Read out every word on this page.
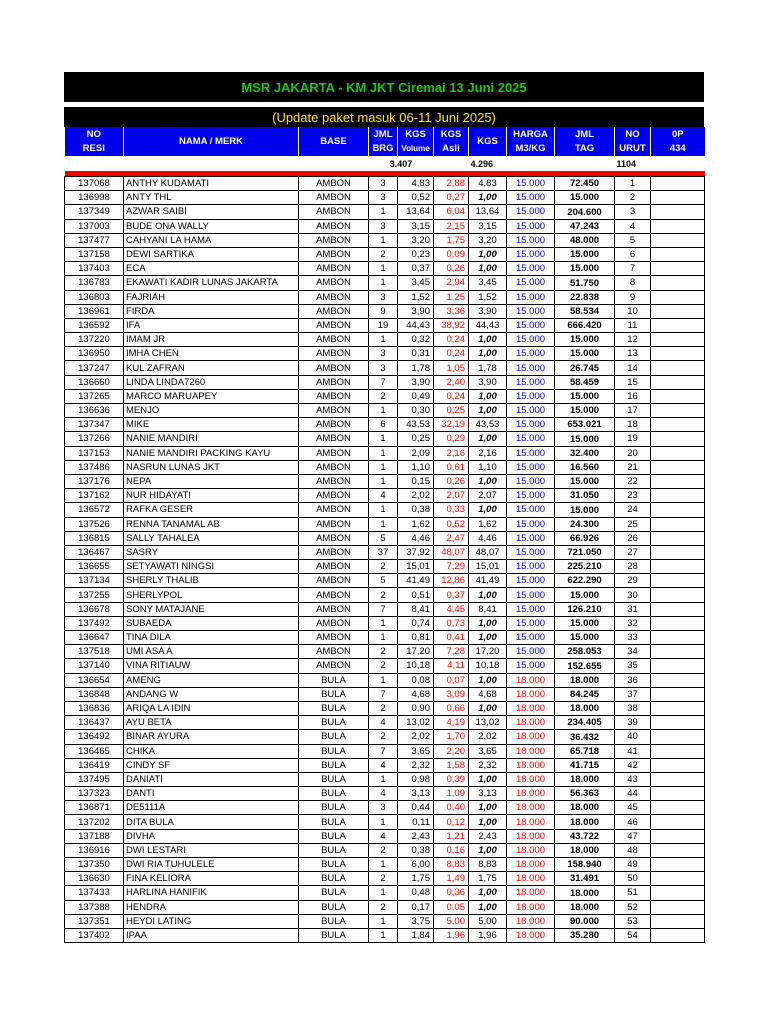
MSR JAKARTA - KM JKT Ciremai 13 Juni 2025
(Update paket masuk 06-11 Juni 2025)
NO	NAMA / MERK	BASE	JML	KGS	KGS	KGS	HARGA	JML	NO	0P
RESI			BRG	Volume	Asli		M3/KG	TAG	URUT	434
			3.407			4.296			1104	

137068	ANTHY KUDAMATI	AMBON	3	4,83	2,88	4,83	15.000	72.450	1	
136998	ANTY THL	AMBON	3	0,52	0,27	1,00	15.000	15.000	2	
137349	AZWAR SAIBI	AMBON	1	13,64	6,04	13,64	15.000	204.600	3	
137003	BUDE ONA WALLY	AMBON	3	3,15	2,15	3,15	15.000	47.243	4	
137477	CAHYANI LA HAMA	AMBON	1	3,20	1,75	3,20	15.000	48.000	5	
137158	DEWI SARTIKA	AMBON	2	0,23	0,09	1,00	15.000	15.000	6	
137403	ECA	AMBON	1	0,37	0,26	1,00	15.000	15.000	7	
136783	EKAWATI KADIR LUNAS JAKARTA	AMBON	1	3,45	2,94	3,45	15.000	51.750	8	
136803	FAJRIAH	AMBON	3	1,52	1,25	1,52	15.000	22.838	9	
136961	FIRDA	AMBON	9	3,90	3,36	3,90	15.000	58.534	10	
136592	IFA	AMBON	19	44,43	38,92	44,43	15.000	666.420	11	
137220	IMAM JR	AMBON	1	0,32	0,24	1,00	15.000	15.000	12	
136950	IMHA CHEN	AMBON	3	0,31	0,24	1,00	15.000	15.000	13	
137247	KUL ZAFRAN	AMBON	3	1,78	1,05	1,78	15.000	26.745	14	
136660	LINDA LINDA7260	AMBON	7	3,90	2,40	3,90	15.000	58.459	15	
137265	MARCO MARUAPEY	AMBON	2	0,49	0,24	1,00	15.000	15.000	16	
136636	MENJO	AMBON	1	0,30	0,25	1,00	15.000	15.000	17	
137347	MIKE	AMBON	6	43,53	32,19	43,53	15.000	653.021	18	
137266	NANIE MANDIRI	AMBON	1	0,25	0,29	1,00	15.000	15.000	19	
137153	NANIE MANDIRI PACKING KAYU	AMBON	1	2,09	2,16	2,16	15.000	32.400	20	
137486	NASRUN LUNAS JKT	AMBON	1	1,10	0,61	1,10	15.000	16.560	21	
137176	NEPA	AMBON	1	0,15	0,26	1,00	15.000	15.000	22	
137162	NUR HIDAYATI	AMBON	4	2,02	2,07	2,07	15.000	31.050	23	
136572	RAFKA GESER	AMBON	1	0,38	0,33	1,00	15.000	15.000	24	
137526	RENNA TANAMAL AB	AMBON	1	1,62	0,52	1,62	15.000	24.300	25	
136815	SALLY TAHALEA	AMBON	5	4,46	2,47	4,46	15.000	66.926	26	
136467	SASRY	AMBON	37	37,92	48,07	48,07	15.000	721.050	27	
136655	SETYAWATI NINGSI	AMBON	2	15,01	7,29	15,01	15.000	225.210	28	
137134	SHERLY THALIB	AMBON	5	41,49	12,86	41,49	15.000	622.290	29	
137255	SHERLYPOL	AMBON	2	0,51	0,37	1,00	15.000	15.000	30	
136678	SONY MATAJANE	AMBON	7	8,41	4,45	8,41	15.000	126.210	31	
137492	SUBAEDA	AMBON	1	0,74	0,73	1,00	15.000	15.000	32	
136647	TINA DILA	AMBON	1	0,81	0,41	1,00	15.000	15.000	33	
137518	UMI ASA A	AMBON	2	17,20	7,28	17,20	15.000	258.053	34	
137140	VINA RITIAUW	AMBON	2	10,18	4,11	10,18	15.000	152.655	35	
136654	AMENG	BULA	1	0,08	0,07	1,00	18.000	18.000	36	
136848	ANDANG W	BULA	7	4,68	3,09	4,68	18.000	84.245	37	
136836	ARIQA LA IDIN	BULA	2	0,90	0,66	1,00	18.000	18.000	38	
136437	AYU BETA	BULA	4	13,02	4,19	13,02	18.000	234.405	39	
136492	BINAR AYURA	BULA	2	2,02	1,70	2,02	18.000	36.432	40	
136465	CHIKA	BULA	7	3,65	2,20	3,65	18.000	65.718	41	
136419	CINDY SF	BULA	4	2,32	1,58	2,32	18.000	41.715	42	
137495	DANIATI	BULA	1	0,98	0,39	1,00	18.000	18.000	43	
137323	DANTI	BULA	4	3,13	1,09	3,13	18.000	56.363	44	
136871	DE5111A	BULA	3	0,44	0,40	1,00	18.000	18.000	45	
137202	DITA BULA	BULA	1	0,11	0,12	1,00	18.000	18.000	46	
137188	DIVHA	BULA	4	2,43	1,21	2,43	18.000	43.722	47	
136916	DWI LESTARI	BULA	2	0,38	0,16	1,00	18.000	18.000	48	
137350	DWI RIA TUHULELE	BULA	1	6,00	8,83	8,83	18.000	158.940	49	
136630	FINA KELIORA	BULA	2	1,75	1,49	1,75	18.000	31.491	50	
137433	HARLINA HANIFIK	BULA	1	0,48	0,36	1,00	18.000	18.000	51	
137388	HENDRA	BULA	2	0,17	0,05	1,00	18.000	18.000	52	
137351	HEYDI LATING	BULA	1	3,75	5,00	5,00	18.000	90.000	53	
137402	IPAA	BULA	1	1,84	1,96	1,96	18.000	35.280	54	
